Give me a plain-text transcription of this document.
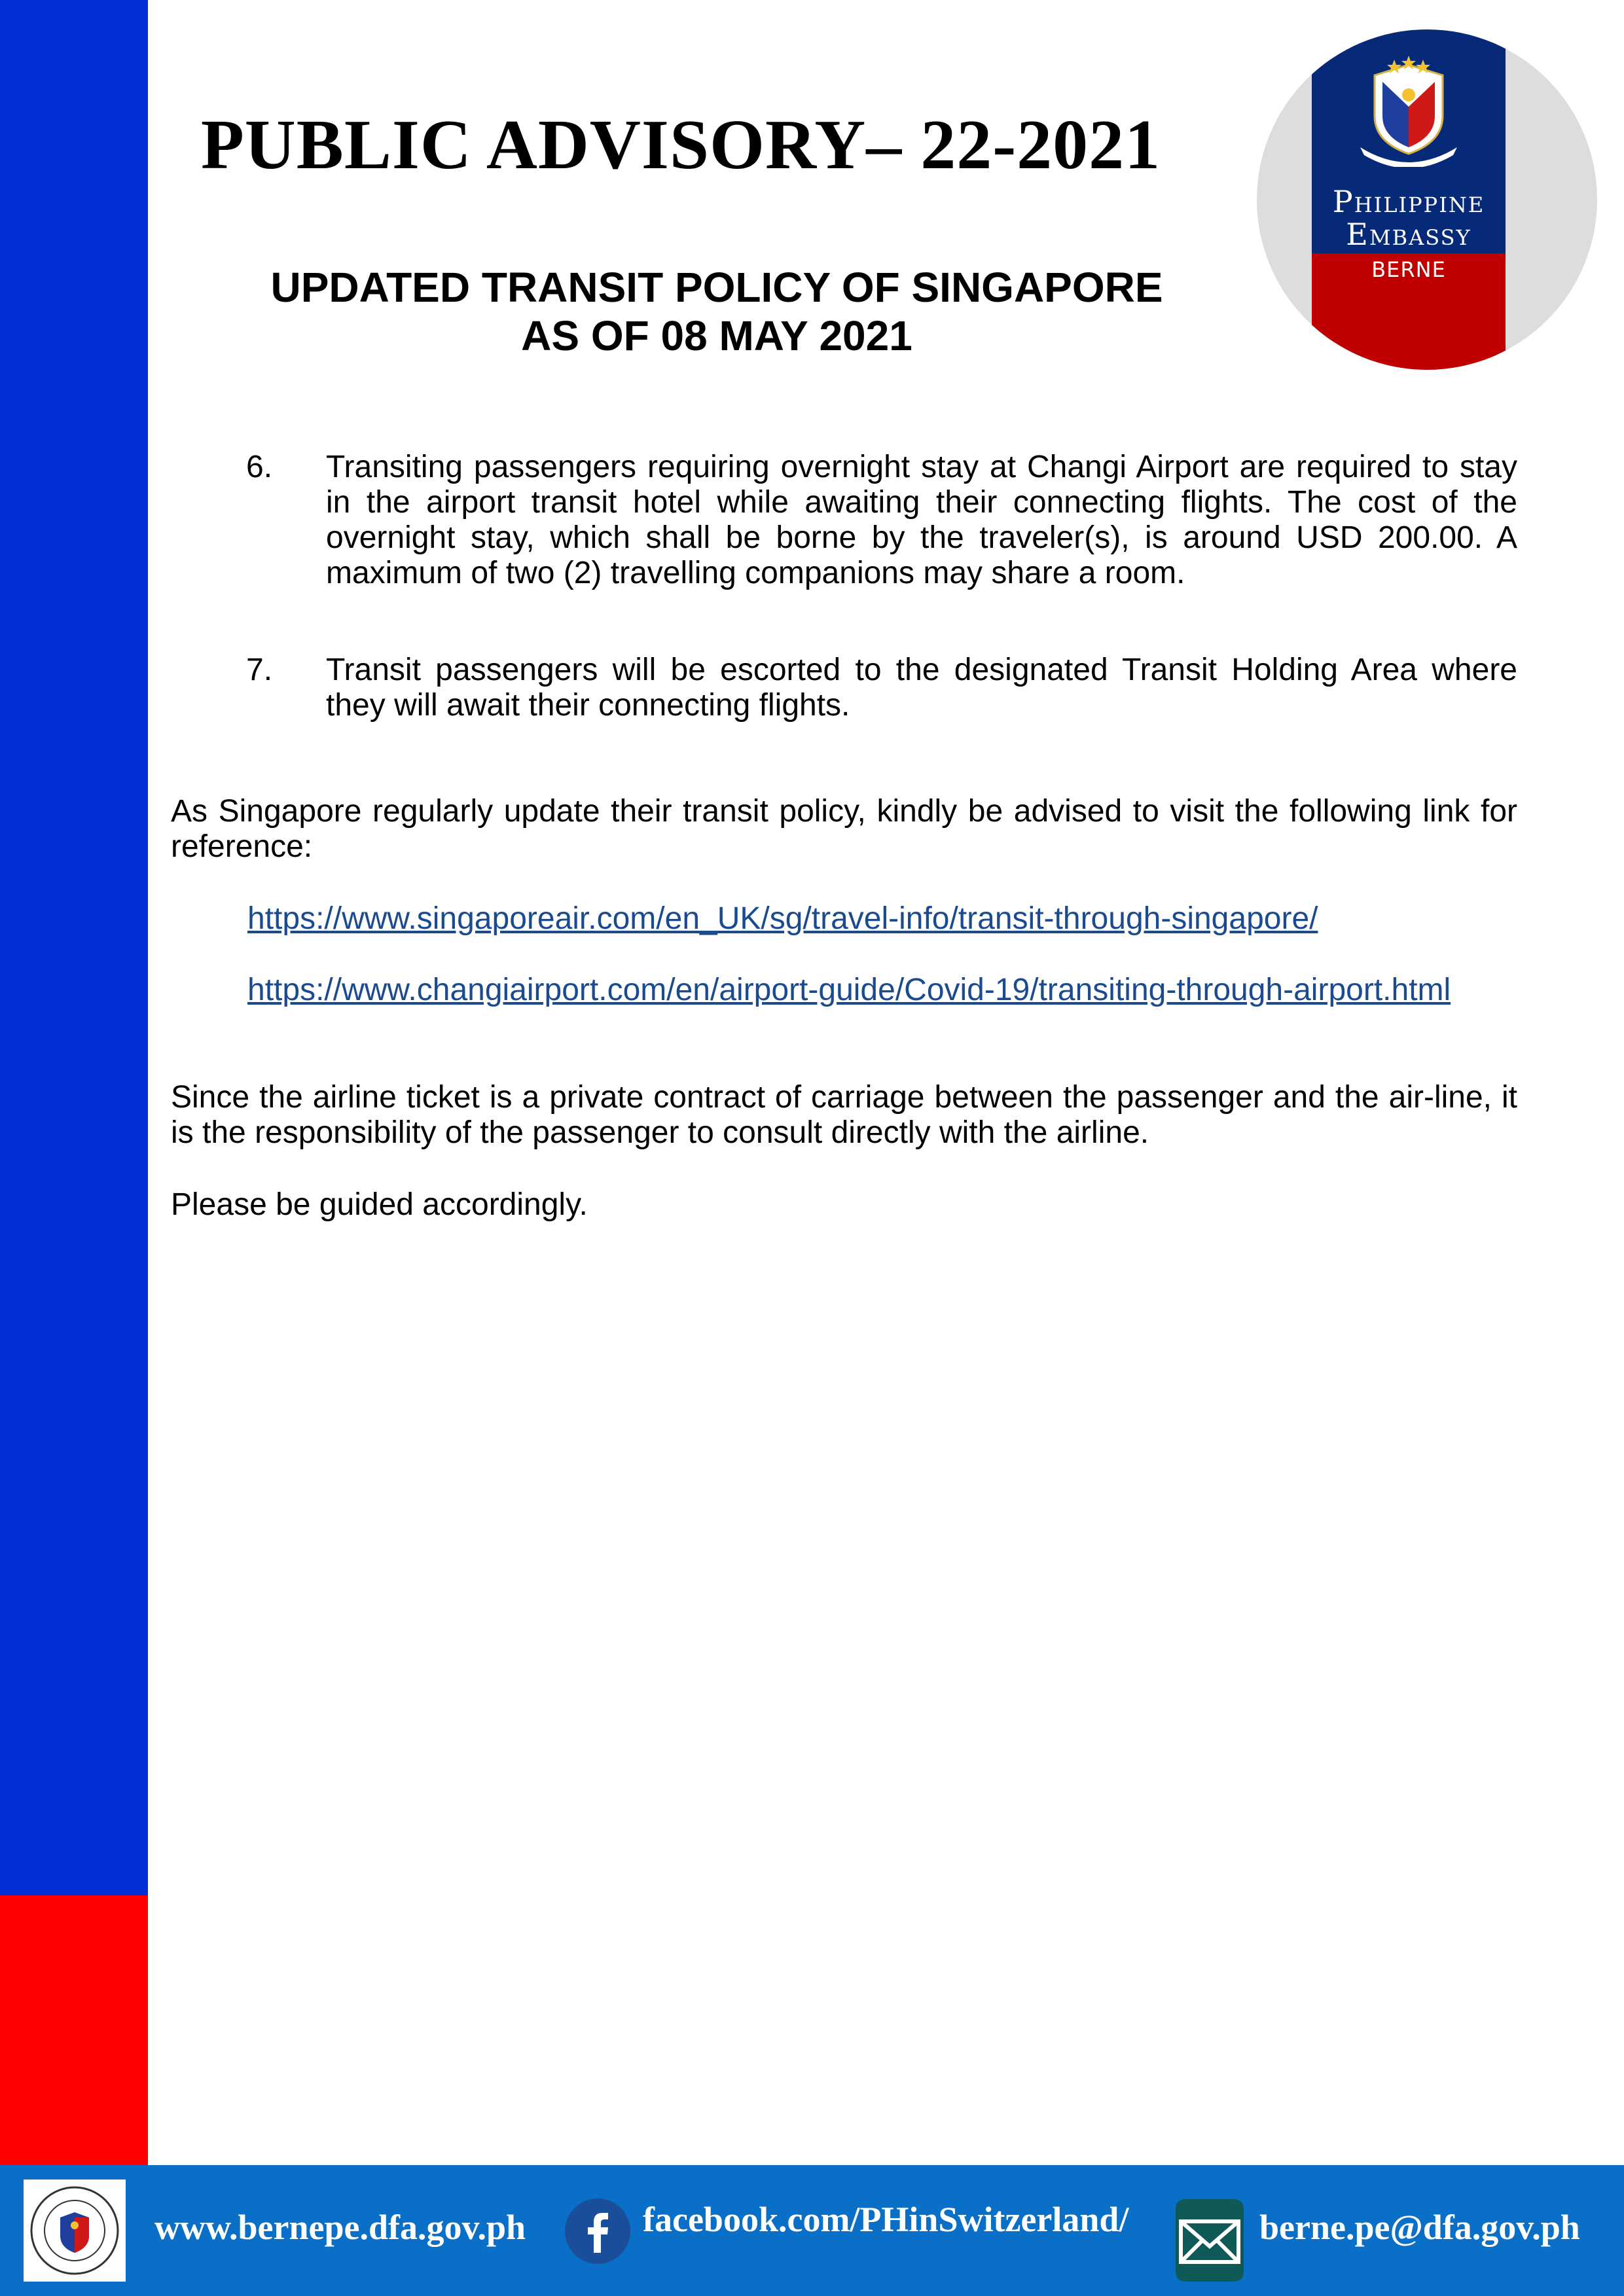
Philippine
Embassy
BERNE
PUBLIC ADVISORY– 22-2021
UPDATED TRANSIT POLICY OF SINGAPORE
AS OF 08 MAY 2021
6. Transiting passengers requiring overnight stay at Changi Airport are required to stay in the airport transit hotel while awaiting their connecting flights. The cost of the overnight stay, which shall be borne by the traveler(s), is around USD 200.00. A maximum of two (2) travelling companions may share a room.
7. Transit passengers will be escorted to the designated Transit Holding Area where they will await their connecting flights.
As Singapore regularly update their transit policy, kindly be advised to visit the following link for reference:
https://www.singaporeair.com/en_UK/sg/travel-info/transit-through-singapore/
https://www.changiairport.com/en/airport-guide/Covid-19/transiting-through-airport.html
Since the airline ticket is a private contract of carriage between the passenger and the air-line, it is the responsibility of the passenger to consult directly with the airline.
Please be guided accordingly.
www.bernepe.dfa.gov.ph	facebook.com/PHinSwitzerland/	berne.pe@dfa.gov.ph
